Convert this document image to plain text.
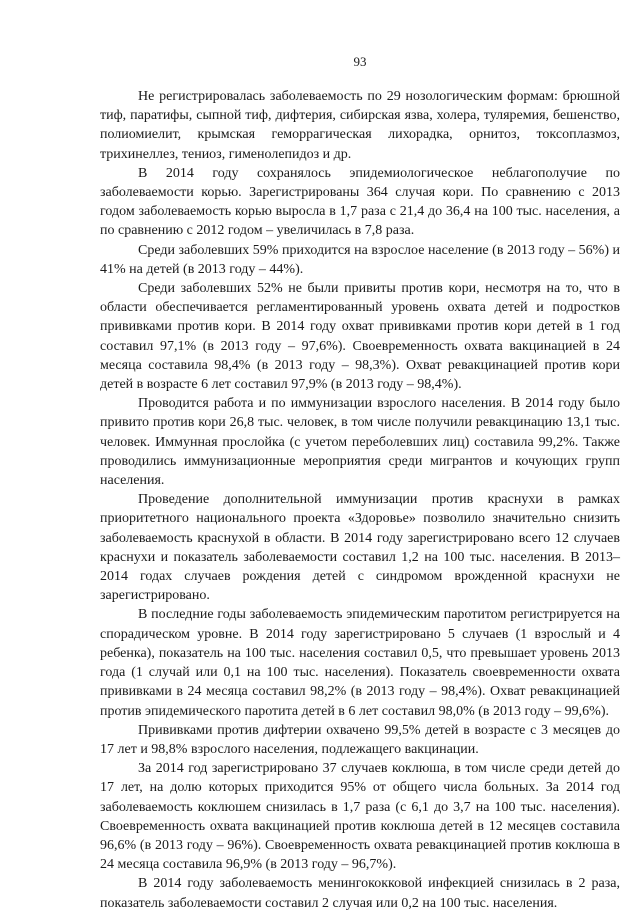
93

Не регистрировалась заболеваемость по 29 нозологическим формам: брюшной тиф, паратифы, сыпной тиф, дифтерия, сибирская язва, холера, туляремия, бешенство, полиомиелит, крымская геморрагическая лихорадка, орнитоз, токсоплазмоз, трихинеллез, тениоз, гименолепидоз и др.

В 2014 году сохранялось эпидемиологическое неблагополучие по заболеваемости корью. Зарегистрированы 364 случая кори. По сравнению с 2013 годом заболеваемость корью выросла в 1,7 раза с 21,4 до 36,4 на 100 тыс. населения, а по сравнению с 2012 годом – увеличилась в 7,8 раза.

Среди заболевших 59% приходится на взрослое население (в 2013 году – 56%) и 41% на детей (в 2013 году – 44%).

Среди заболевших 52% не были привиты против кори, несмотря на то, что в области обеспечивается регламентированный уровень охвата детей и подростков прививками против кори. В 2014 году охват прививками против кори детей в 1 год составил 97,1% (в 2013 году – 97,6%). Своевременность охвата вакцинацией в 24 месяца составила 98,4% (в 2013 году – 98,3%). Охват ревакцинацией против кори детей в возрасте 6 лет составил 97,9% (в 2013 году – 98,4%).

Проводится работа и по иммунизации взрослого населения. В 2014 году было привито против кори 26,8 тыс. человек, в том числе получили ревакцинацию 13,1 тыс. человек. Иммунная прослойка (с учетом переболевших лиц) составила 99,2%. Также проводились иммунизационные мероприятия среди мигрантов и кочующих групп населения.

Проведение дополнительной иммунизации против краснухи в рамках приоритетного национального проекта «Здоровье» позволило значительно снизить заболеваемость краснухой в области. В 2014 году зарегистрировано всего 12 случаев краснухи и показатель заболеваемости составил 1,2 на 100 тыс. населения. В 2013–2014 годах случаев рождения детей с синдромом врожденной краснухи не зарегистрировано.

В последние годы заболеваемость эпидемическим паротитом регистрируется на спорадическом уровне. В 2014 году зарегистрировано 5 случаев (1 взрослый и 4 ребенка), показатель на 100 тыс. населения составил 0,5, что превышает уровень 2013 года (1 случай или 0,1 на 100 тыс. населения). Показатель своевременности охвата прививками в 24 месяца составил 98,2% (в 2013 году – 98,4%). Охват ревакцинацией против эпидемического паротита детей в 6 лет составил 98,0% (в 2013 году – 99,6%).

Прививками против дифтерии охвачено 99,5% детей в возрасте с 3 месяцев до 17 лет и 98,8% взрослого населения, подлежащего вакцинации.

За 2014 год зарегистрировано 37 случаев коклюша, в том числе среди детей до 17 лет, на долю которых приходится 95% от общего числа больных. За 2014 год заболеваемость коклюшем снизилась в 1,7 раза (с 6,1 до 3,7 на 100 тыс. населения). Своевременность охвата вакцинацией против коклюша детей в 12 месяцев составила 96,6% (в 2013 году – 96%). Своевременность охвата ревакцинацией против коклюша в 24 месяца составила 96,9% (в 2013 году – 96,7%).

В 2014 году заболеваемость менингококковой инфекцией снизилась в 2 раза, показатель заболеваемости составил 2 случая или 0,2 на 100 тыс. населения.
